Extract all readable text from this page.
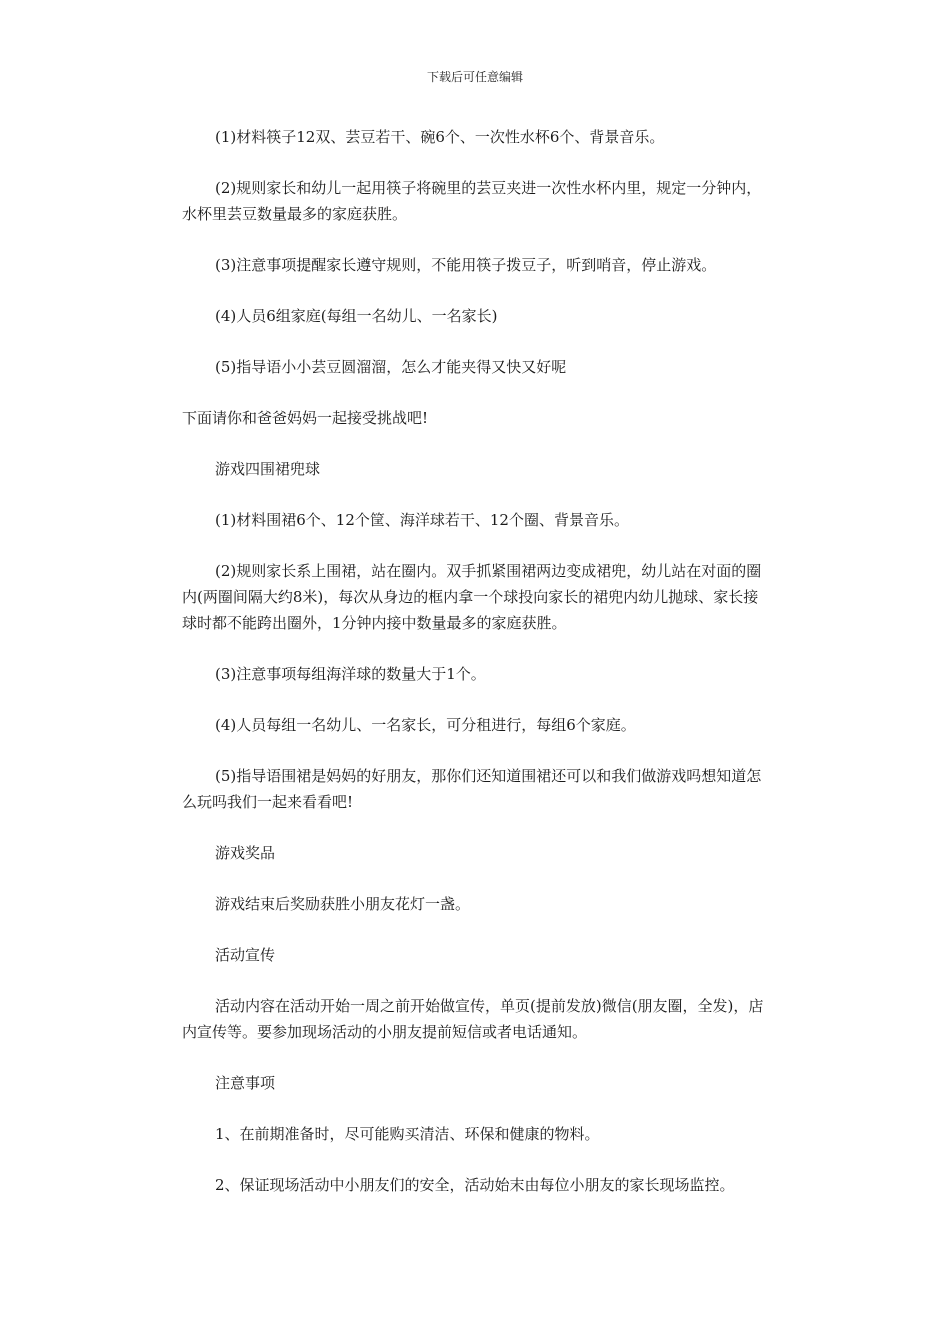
下载后可任意编辑

(1)材料筷子12双、芸豆若干、碗6个、一次性水杯6个、背景音乐。

(2)规则家长和幼儿一起用筷子将碗里的芸豆夹进一次性水杯内里，规定一分钟内，水杯里芸豆数量最多的家庭获胜。

(3)注意事项提醒家长遵守规则，不能用筷子拨豆子，听到哨音，停止游戏。

(4)人员6组家庭(每组一名幼儿、一名家长)

(5)指导语小小芸豆圆溜溜，怎么才能夹得又快又好呢

下面请你和爸爸妈妈一起接受挑战吧!

游戏四围裙兜球

(1)材料围裙6个、12个筐、海洋球若干、12个圈、背景音乐。

(2)规则家长系上围裙，站在圈内。双手抓紧围裙两边变成裙兜，幼儿站在对面的圈内(两圈间隔大约8米)，每次从身边的框内拿一个球投向家长的裙兜内幼儿抛球、家长接球时都不能跨出圈外，1分钟内接中数量最多的家庭获胜。

(3)注意事项每组海洋球的数量大于1个。

(4)人员每组一名幼儿、一名家长，可分租进行，每组6个家庭。

(5)指导语围裙是妈妈的好朋友，那你们还知道围裙还可以和我们做游戏吗想知道怎么玩吗我们一起来看看吧!

游戏奖品

游戏结束后奖励获胜小朋友花灯一盏。

活动宣传

活动内容在活动开始一周之前开始做宣传，单页(提前发放)微信(朋友圈，全发)，店内宣传等。要参加现场活动的小朋友提前短信或者电话通知。

注意事项

1、在前期准备时，尽可能购买清洁、环保和健康的物料。

2、保证现场活动中小朋友们的安全，活动始末由每位小朋友的家长现场监控。
